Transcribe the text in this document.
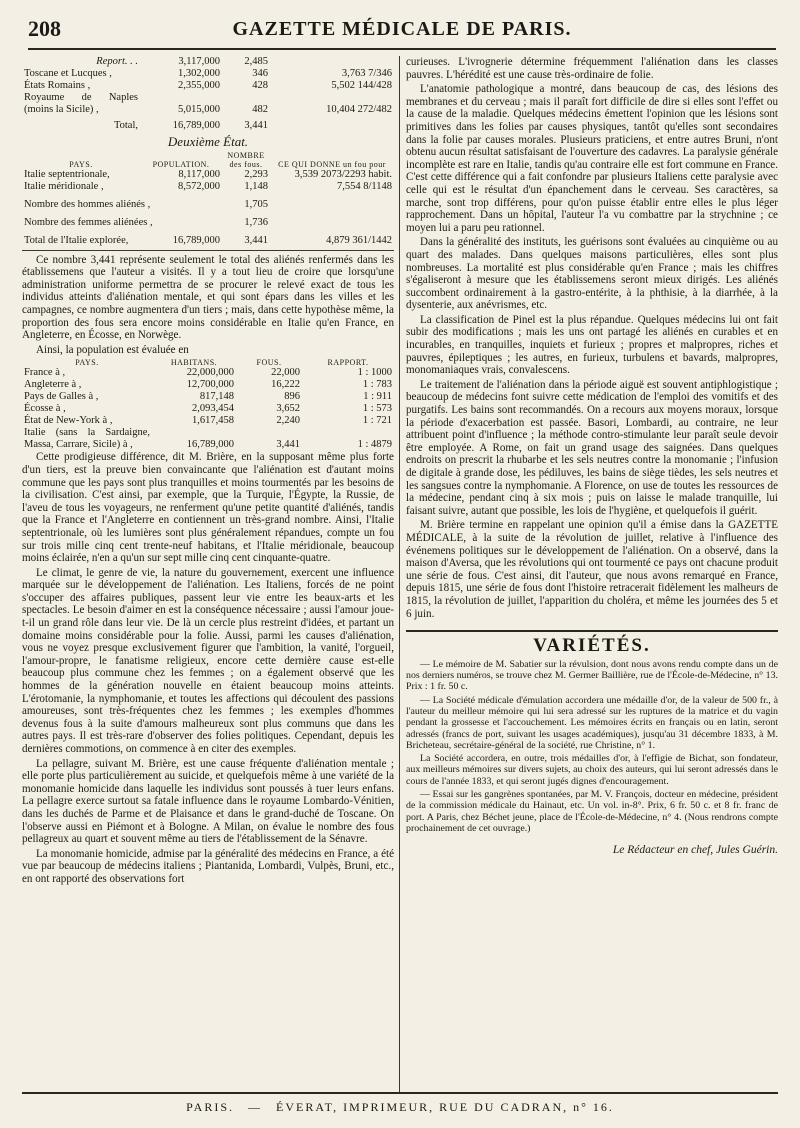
208	GAZETTE MÉDICALE DE PARIS.
Report. . .	3,117,000	2,485	
Toscane et Lucques ,	1,302,000	346	3,763 7/346
États Romains ,	2,355,000	428	5,502 144/428
Royaume de Naples (moins la Sicile) ,	5,015,000	482	10,404 272/482
Total,	16,789,000	3,441	
Deuxième État.
PAYS.	POPULATION.	NOMBRE des fous.	CE QUI DONNE un fou pour
Italie septentrionale,	8,117,000	2,293	3,539 2073/2293 habit.
Italie méridionale ,	8,572,000	1,148	7,554 8/1148
Nombre des hommes aliénés ,		1,705	
Nombre des femmes aliénées ,		1,736	
Total de l'Italie explorée,	16,789,000	3,441	4,879 361/1442

Ce nombre 3,441 représente seulement le total des aliénés renfermés dans les établissemens que l'auteur a visités. Il y a tout lieu de croire que lorsqu'une administration uniforme permettra de se procurer le relevé exact de tous les individus atteints d'aliénation mentale, et qui sont épars dans les villes et les campagnes, ce nombre augmentera d'un tiers ; mais, dans cette hypothèse même, la proportion des fous sera encore moins considérable en Italie qu'en France, en Angleterre, en Écosse, en Norwège.

Ainsi, la population est évaluée en

PAYS.	HABITANS.	FOUS.	RAPPORT.
France à ,	22,000,000	22,000	1 : 1000
Angleterre à ,	12,700,000	16,222	1 : 783
Pays de Galles à ,	817,148	896	1 : 911
Écosse à ,	2,093,454	3,652	1 : 573
État de New-York à ,	1,617,458	2,240	1 : 721
Italie (sans la Sardaigne, Massa, Carrare, Sicile) à ,	16,789,000	3,441	1 : 4879

Cette prodigieuse différence, dit M. Brière, en la supposant même plus forte d'un tiers, est la preuve bien convaincante que l'aliénation est d'autant moins commune que les pays sont plus tranquilles et moins tourmentés par les besoins de la civilisation. C'est ainsi, par exemple, que la Turquie, l'Égypte, la Russie, de l'aveu de tous les voyageurs, ne renferment qu'une petite quantité d'aliénés, tandis que la France et l'Angleterre en contiennent un très-grand nombre. Ainsi, l'Italie septentrionale, où les lumières sont plus généralement répandues, compte un fou sur trois mille cinq cent trente-neuf habitans, et l'Italie méridionale, beaucoup moins éclairée, n'en a qu'un sur sept mille cinq cent cinquante-quatre.

Le climat, le genre de vie, la nature du gouvernement, exercent une influence marquée sur le développement de l'aliénation. Les Italiens, forcés de ne point s'occuper des affaires publiques, passent leur vie entre les beaux-arts et les spectacles. Le besoin d'aimer en est la conséquence nécessaire ; aussi l'amour joue-t-il un grand rôle dans leur vie. De là un cercle plus restreint d'idées, et partant un domaine moins considérable pour la folie. Aussi, parmi les causes d'aliénation, vous ne voyez presque exclusivement figurer que l'ambition, la vanité, l'orgueil, l'amour-propre, le fanatisme religieux, encore cette dernière cause est-elle beaucoup plus commune chez les femmes ; on a également observé que les hommes de la génération nouvelle en étaient beaucoup moins atteints. L'érotomanie, la nymphomanie, et toutes les affections qui découlent des passions amoureuses, sont très-fréquentes chez les femmes ; les exemples d'hommes devenus fous à la suite d'amours malheureux sont plus communs que dans les autres pays. Il est très-rare d'observer des folies politiques. Cependant, depuis les dernières commotions, on commence à en citer des exemples.

La pellagre, suivant M. Brière, est une cause fréquente d'aliénation mentale ; elle porte plus particulièrement au suicide, et quelquefois même à une variété de la monomanie homicide dans laquelle les individus sont poussés à tuer leurs enfans. La pellagre exerce surtout sa fatale influence dans le royaume Lombardo-Vénitien, dans les duchés de Parme et de Plaisance et dans le grand-duché de Toscane. On l'observe aussi en Piémont et à Bologne. A Milan, on évalue le nombre des fous pellagreux au quart et souvent même au tiers de l'établissement de la Sénavre.

La monomanie homicide, admise par la généralité des médecins en France, a été vue par beaucoup de médecins italiens ; Piantanida, Lombardi, Vulpès, Bruni, etc., en ont rapporté des observations fort

curieuses. L'ivrognerie détermine fréquemment l'aliénation dans les classes pauvres. L'hérédité est une cause très-ordinaire de folie.

L'anatomie pathologique a montré, dans beaucoup de cas, des lésions des membranes et du cerveau ; mais il paraît fort difficile de dire si elles sont l'effet ou la cause de la maladie. Quelques médecins émettent l'opinion que les lésions sont primitives dans les folies par causes physiques, tantôt qu'elles sont secondaires dans la folie par causes morales. Plusieurs praticiens, et entre autres Bruni, n'ont obtenu aucun résultat satisfaisant de l'ouverture des cadavres. La paralysie générale incomplète est rare en Italie, tandis qu'au contraire elle est fort commune en France. C'est cette différence qui a fait confondre par plusieurs Italiens cette paralysie avec celle qui est le résultat d'un épanchement dans le cerveau. Ses caractères, sa marche, sont trop différens, pour qu'on puisse établir entre elles le plus léger rapprochement. Dans un hôpital, l'auteur l'a vu combattre par la strychnine ; ce moyen lui a paru peu rationnel.

Dans la généralité des instituts, les guérisons sont évaluées au cinquième ou au quart des malades. Dans quelques maisons particulières, elles sont plus nombreuses. La mortalité est plus considérable qu'en France ; mais les chiffres s'égaliseront à mesure que les établissemens seront mieux dirigés. Les aliénés succombent ordinairement à la gastro-entérite, à la phthisie, à la diarrhée, à la dysenterie, aux anévrismes, etc.

La classification de Pinel est la plus répandue. Quelques médecins lui ont fait subir des modifications ; mais les uns ont partagé les aliénés en curables et en incurables, en tranquilles, inquiets et furieux ; propres et malpropres, riches et pauvres, épileptiques ; les autres, en furieux, turbulens et bavards, malpropres, monomaniaques vrais, convalescens.

Le traitement de l'aliénation dans la période aiguë est souvent antiphlogistique ; beaucoup de médecins font suivre cette médication de l'emploi des vomitifs et des purgatifs. Les bains sont recommandés. On a recours aux moyens moraux, lorsque la période d'exacerbation est passée. Basori, Lombardi, au contraire, ne leur attribuent point d'influence ; la méthode contro-stimulante leur paraît seule devoir être employée. A Rome, on fait un grand usage des saignées. Dans quelques endroits on prescrit la rhubarbe et les sels neutres contre la monomanie ; l'infusion de digitale à grande dose, les pédiluves, les bains de siège tièdes, les sels neutres et les sangsues contre la nymphomanie. A Florence, on use de toutes les ressources de la médecine, pendant cinq à six mois ; puis on laisse le malade tranquille, lui faisant suivre, autant que possible, les lois de l'hygiène, et quelquefois il guérit.

M. Brière termine en rappelant une opinion qu'il a émise dans la GAZETTE MÉDICALE, à la suite de la révolution de juillet, relative à l'influence des événemens politiques sur le développement de l'aliénation. On a observé, dans la maison d'Aversa, que les révolutions qui ont tourmenté ce pays ont chacune produit une série de fous. C'est ainsi, dit l'auteur, que nous avons remarqué en France, depuis 1815, une série de fous dont l'histoire retracerait fidèlement les malheurs de 1815, la révolution de juillet, l'apparition du choléra, et même les journées des 5 et 6 juin.

VARIÉTÉS.

— Le mémoire de M. Sabatier sur la révulsion, dont nous avons rendu compte dans un de nos derniers numéros, se trouve chez M. Germer Baillière, rue de l'École-de-Médecine, n° 13. Prix : 1 fr. 50 c.

— La Société médicale d'émulation accordera une médaille d'or, de la valeur de 500 fr., à l'auteur du meilleur mémoire qui lui sera adressé sur les ruptures de la matrice et du vagin pendant la grossesse et l'accouchement. Les mémoires écrits en français ou en latin, seront adressés (francs de port, suivant les usages académiques), jusqu'au 31 décembre 1833, à M. Bricheteau, secrétaire-général de la société, rue Christine, n° 1.

La Société accordera, en outre, trois médailles d'or, à l'effigie de Bichat, son fondateur, aux meilleurs mémoires sur divers sujets, au choix des auteurs, qui lui seront adressés dans le cours de l'année 1833, et qui seront jugés dignes d'encouragement.

— Essai sur les gangrènes spontanées, par M. V. François, docteur en médecine, président de la commission médicale du Hainaut, etc. Un vol. in-8°. Prix, 6 fr. 50 c. et 8 fr. franc de port. A Paris, chez Béchet jeune, place de l'École-de-Médecine, n° 4. (Nous rendrons compte prochainement de cet ouvrage.)

Le Rédacteur en chef, Jules Guérin.
PARIS. — ÉVERAT, IMPRIMEUR, RUE DU CADRAN, n° 16.
